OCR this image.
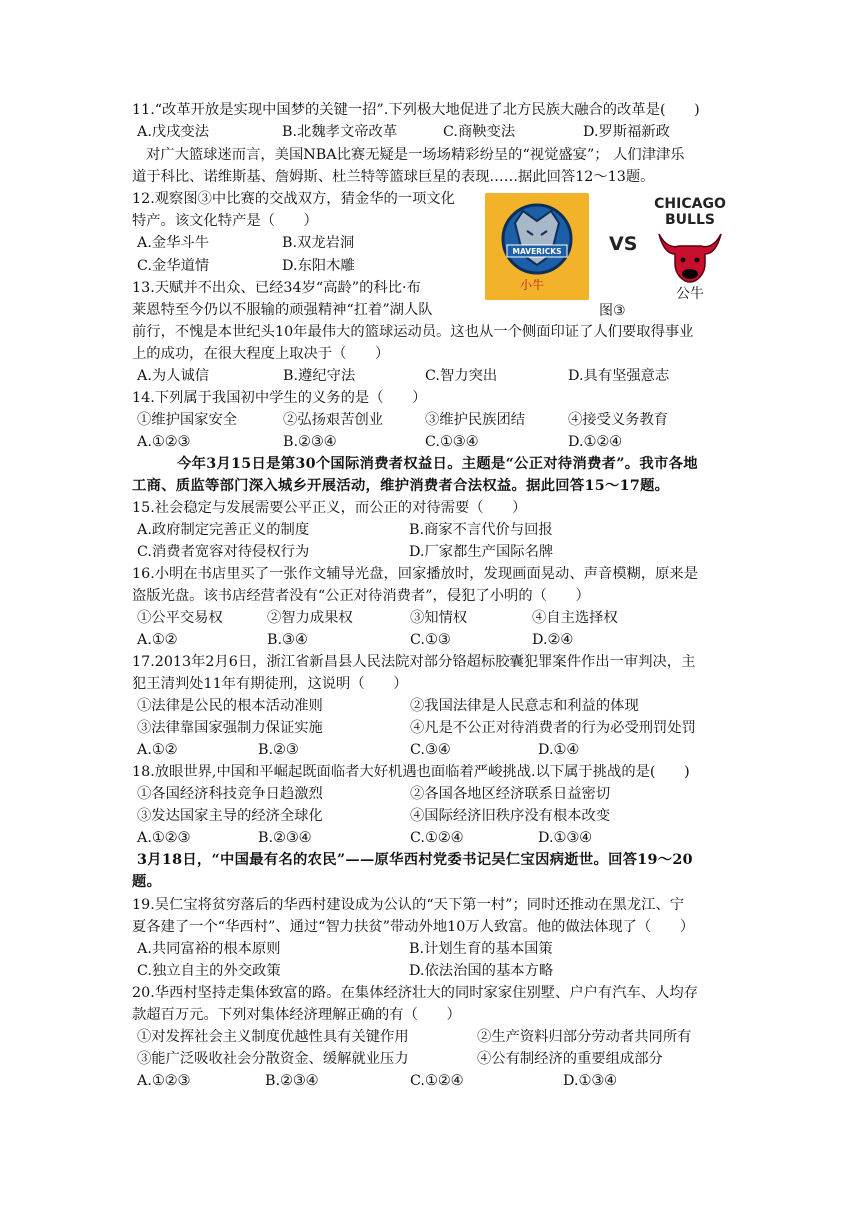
11.“改革开放是实现中国梦的关键一招”.下列极大地促进了北方民族大融合的改革是(　　)
A.戊戌变法	B.北魏孝文帝改革	C.商鞅变法	D.罗斯福新政
对广大篮球迷而言，美国NBA比赛无疑是一场场精彩纷呈的“视觉盛宴”； 人们津津乐
道于科比、诺维斯基、詹姆斯、杜兰特等篮球巨星的表现……据此回答12～13题。
12.观察图③中比赛的交战双方，猜金华的一项文化
特产。该文化特产是（　　）
A.金华斗牛	B.双龙岩洞
C.金华道情	D.东阳木雕
MAVERICKS
小牛
VS
CHICAGO
BULLS
公牛
图③
13.天赋并不出众、已经34岁“高龄”的科比·布
莱恩特至今仍以不服输的顽强精神“扛着”湖人队
前行，不愧是本世纪头10年最伟大的篮球运动员。这也从一个侧面印证了人们要取得事业
上的成功，在很大程度上取决于（　　）
A.为人诚信	B.遵纪守法	C.智力突出	D.具有坚强意志
14.下列属于我国初中学生的义务的是（　　）
①维护国家安全	②弘扬艰苦创业	③维护民族团结	④接受义务教育
A.①②③	B.②③④	C.①③④	D.①②④
今年3月15日是第30个国际消费者权益日。主题是“公正对待消费者”。我市各地
工商、质监等部门深入城乡开展活动，维护消费者合法权益。据此回答15～17题。
15.社会稳定与发展需要公平正义，而公正的对待需要（　　）
A.政府制定完善正义的制度	B.商家不言代价与回报
C.消费者宽容对待侵权行为	D.厂家都生产国际名牌
16.小明在书店里买了一张作文辅导光盘，回家播放时，发现画面晃动、声音模糊，原来是
盗版光盘。该书店经营者没有“公正对待消费者”，侵犯了小明的（　　）
①公平交易权	②智力成果权	③知情权	④自主选择权
A.①②	B.③④	C.①③	D.②④
17.2013年2月6日，浙江省新昌县人民法院对部分铬超标胶囊犯罪案件作出一审判决，主
犯王清判处11年有期徒刑，这说明（　　）
①法律是公民的根本活动准则	②我国法律是人民意志和利益的体现
③法律靠国家强制力保证实施	④凡是不公正对待消费者的行为必受刑罚处罚
A.①②	B.②③	C.③④	D.①④
18.放眼世界,中国和平崛起既面临者大好机遇也面临着严峻挑战.以下属于挑战的是(　　)
①各国经济科技竞争日趋激烈	②各国各地区经济联系日益密切
③发达国家主导的经济全球化	④国际经济旧秩序没有根本改变
A.①②③	B.②③④	C.①②④	D.①③④
3月18日，“中国最有名的农民”——原华西村党委书记吴仁宝因病逝世。回答19～20
题。
19.吴仁宝将贫穷落后的华西村建设成为公认的“天下第一村”；同时还推动在黑龙江、宁
夏各建了一个“华西村”、通过“智力扶贫”带动外地10万人致富。他的做法体现了（　　）
A.共同富裕的根本原则	B.计划生育的基本国策
C.独立自主的外交政策	D.依法治国的基本方略
20.华西村坚持走集体致富的路。在集体经济壮大的同时家家住别墅、户户有汽车、人均存
款超百万元。下列对集体经济理解正确的有（　　）
①对发挥社会主义制度优越性具有关键作用	②生产资料归部分劳动者共同所有
③能广泛吸收社会分散资金、缓解就业压力	④公有制经济的重要组成部分
A.①②③	B.②③④	C.①②④	D.①③④
